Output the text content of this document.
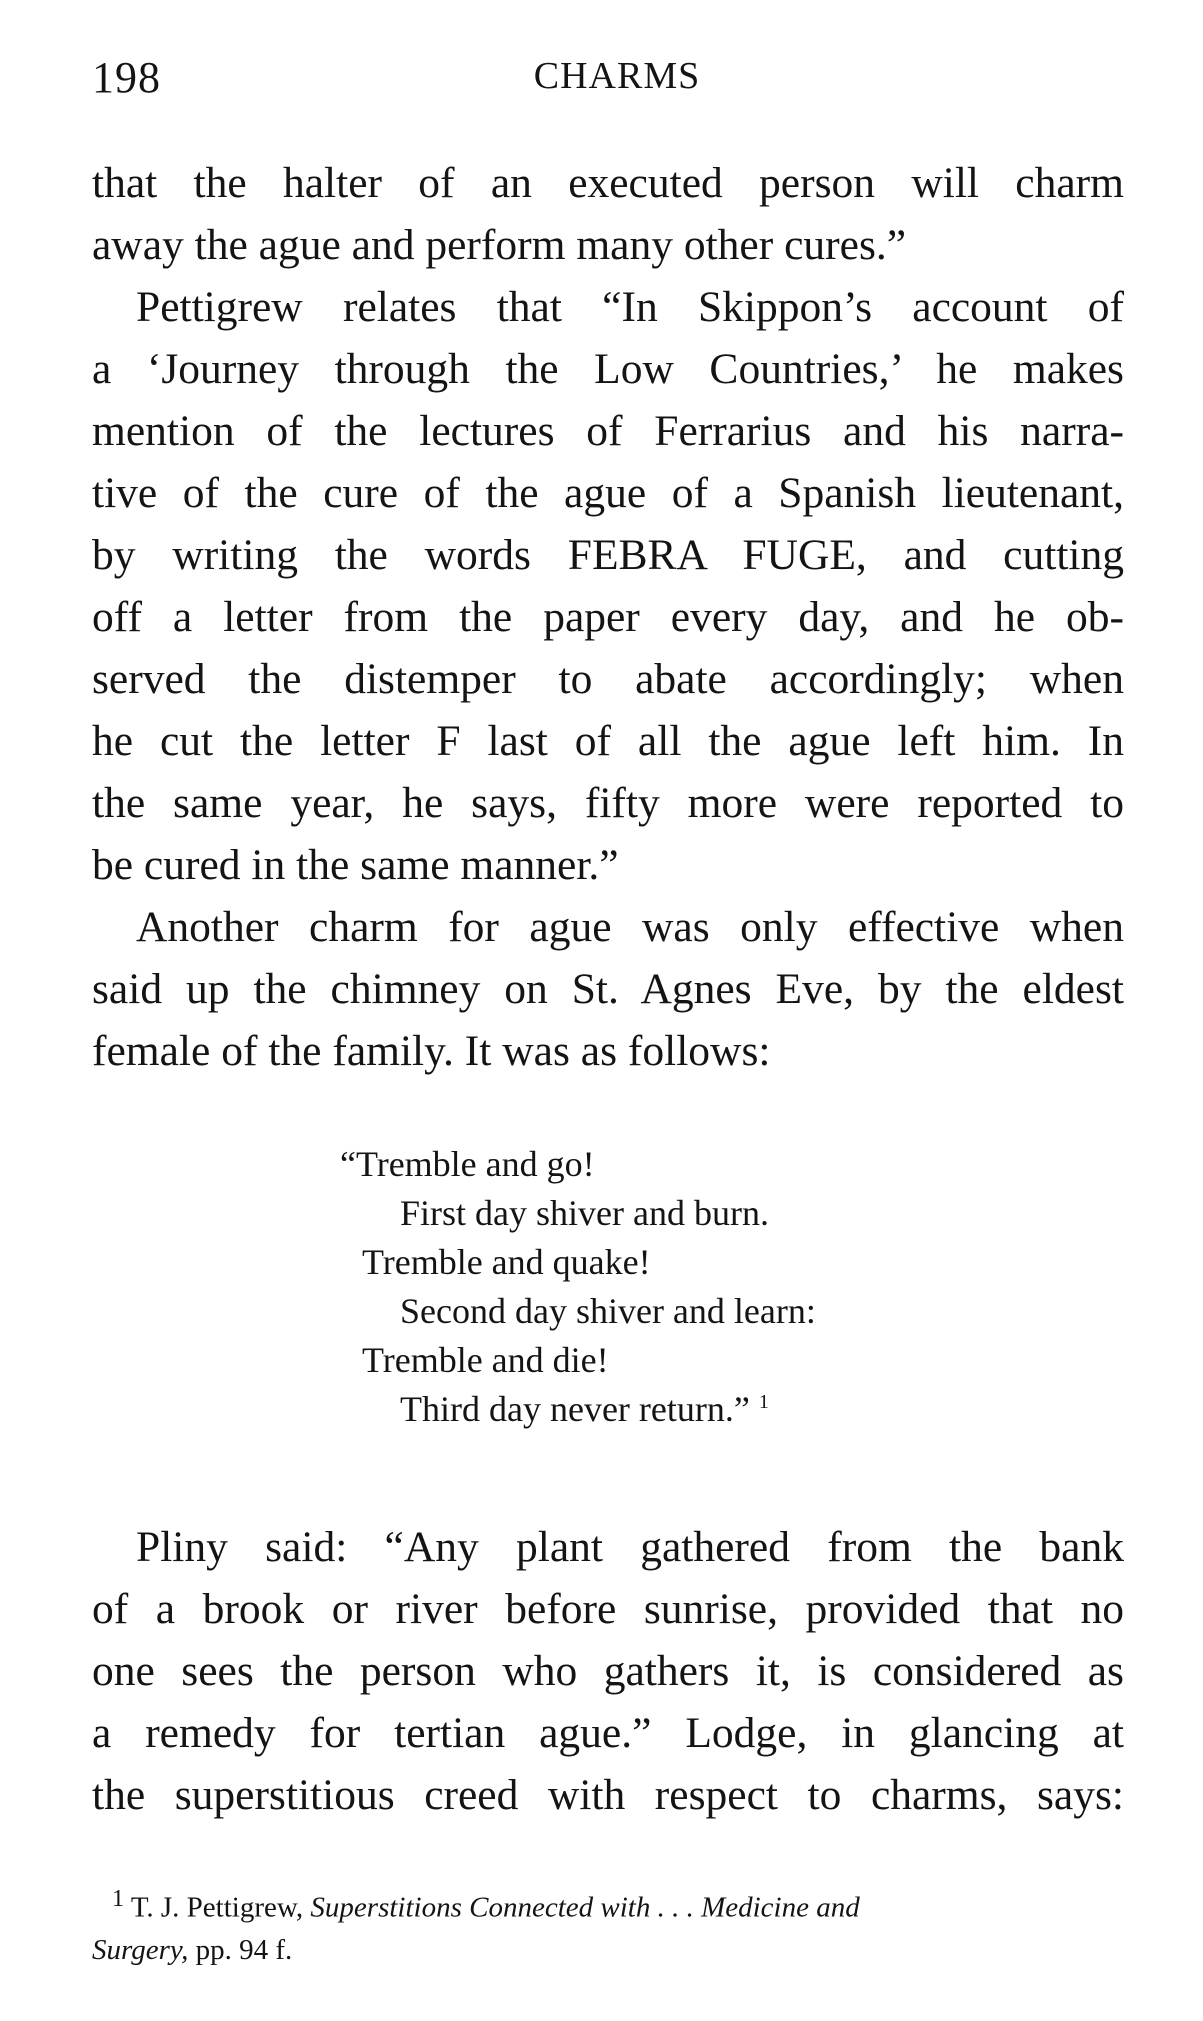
198	CHARMS

that the halter of an executed person will charm
away the ague and perform many other cures.”

Pettigrew relates that “In Skippon’s account of
a ‘Journey through the Low Countries,’ he makes
mention of the lectures of Ferrarius and his narra-
tive of the cure of the ague of a Spanish lieutenant,
by writing the words FEBRA FUGE, and cutting
off a letter from the paper every day, and he ob-
served the distemper to abate accordingly; when
he cut the letter F last of all the ague left him. In
the same year, he says, fifty more were reported to
be cured in the same manner.”

Another charm for ague was only effective when
said up the chimney on St. Agnes Eve, by the eldest
female of the family. It was as follows:

“Tremble and go!
First day shiver and burn.
Tremble and quake!
Second day shiver and learn:
Tremble and die!
Third day never return.” $^1$

Pliny said: “Any plant gathered from the bank
of a brook or river before sunrise, provided that no
one sees the person who gathers it, is considered as
a remedy for tertian ague.” Lodge, in glancing at
the superstitious creed with respect to charms, says:

$^1$ T. J. Pettigrew, Superstitions Connected with . . . Medicine and
Surgery, pp. 94 f.
